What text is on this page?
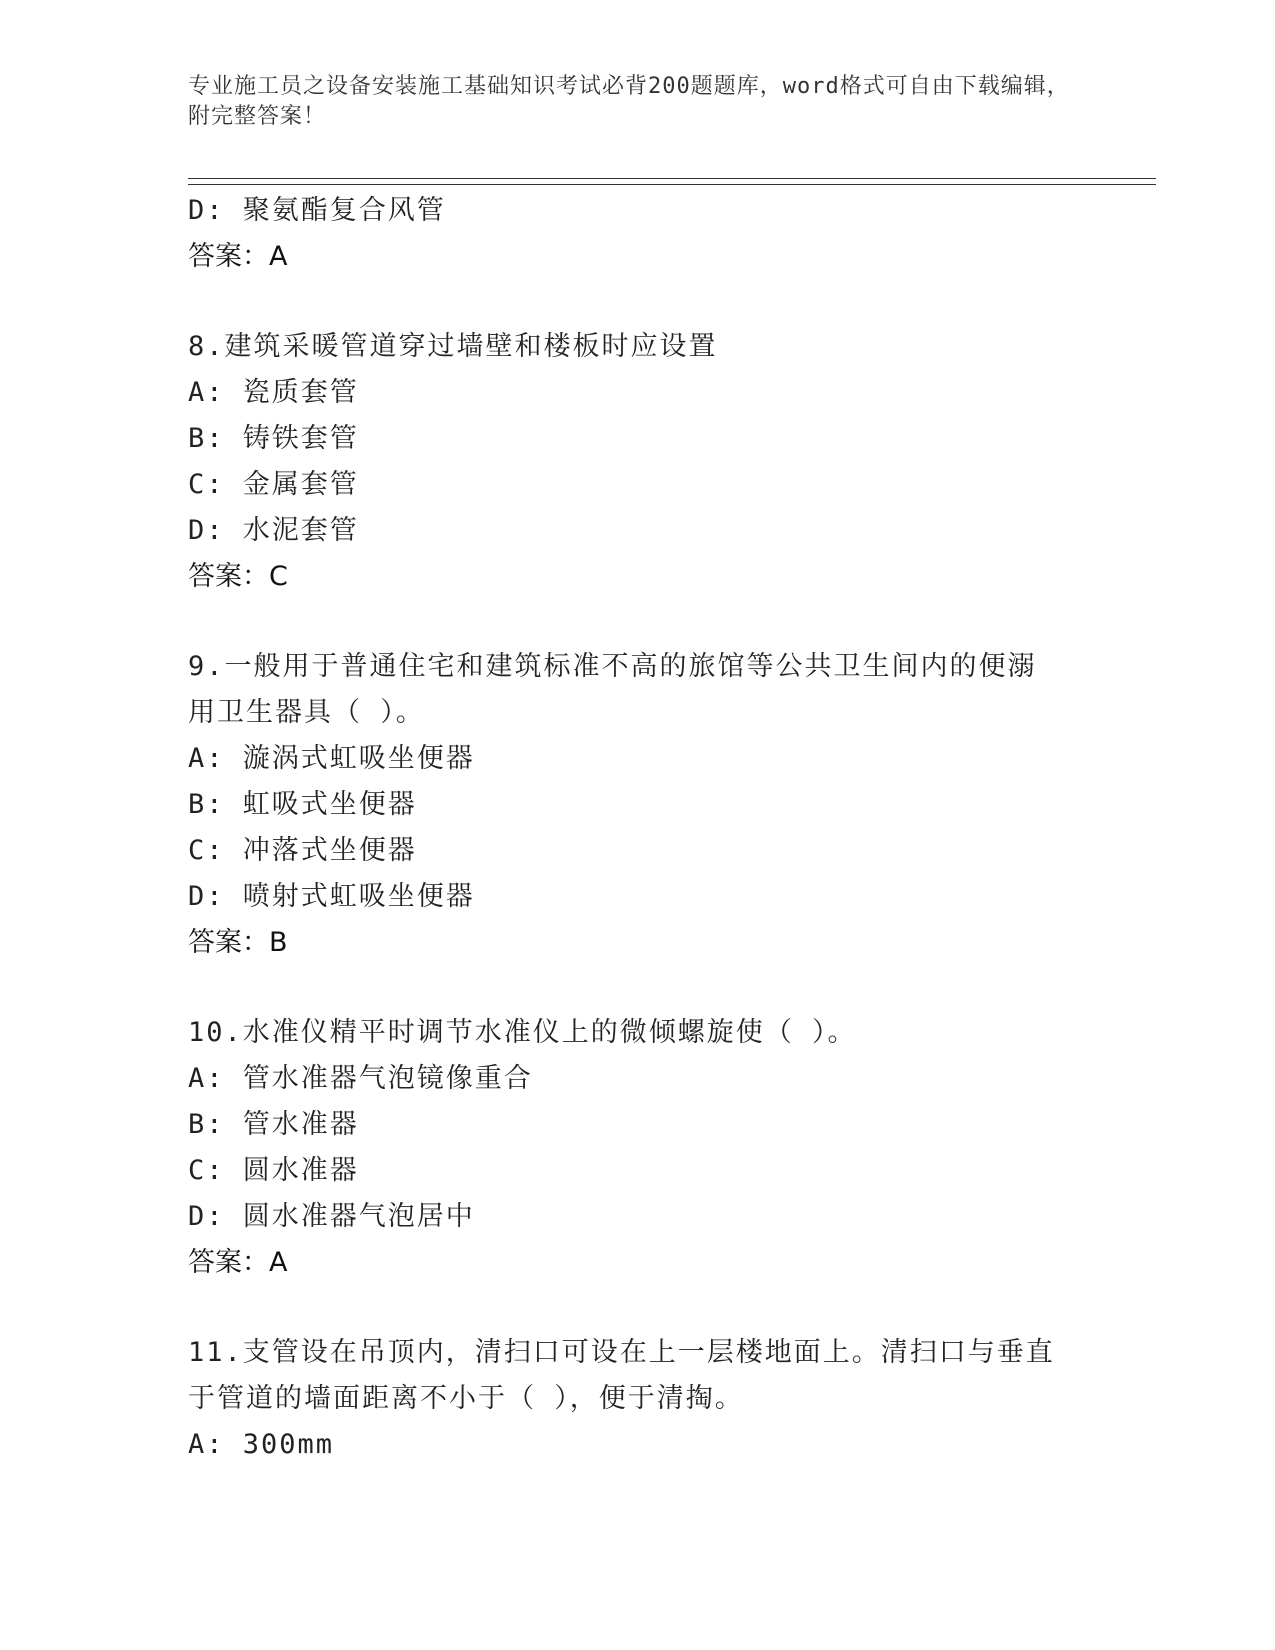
专业施工员之设备安装施工基础知识考试必背200题题库，word格式可自由下载编辑，附完整答案！
D: 聚氨酯复合风管
答案：A
8.建筑采暖管道穿过墙壁和楼板时应设置
A: 瓷质套管
B: 铸铁套管
C: 金属套管
D: 水泥套管
答案：C
9.一般用于普通住宅和建筑标准不高的旅馆等公共卫生间内的便溺用卫生器具（ ）。
A: 漩涡式虹吸坐便器
B: 虹吸式坐便器
C: 冲落式坐便器
D: 喷射式虹吸坐便器
答案：B
10.水准仪精平时调节水准仪上的微倾螺旋使（ ）。
A: 管水准器气泡镜像重合
B: 管水准器
C: 圆水准器
D: 圆水准器气泡居中
答案：A
11.支管设在吊顶内，清扫口可设在上一层楼地面上。清扫口与垂直于管道的墙面距离不小于（ ），便于清掏。
A: 300mm
